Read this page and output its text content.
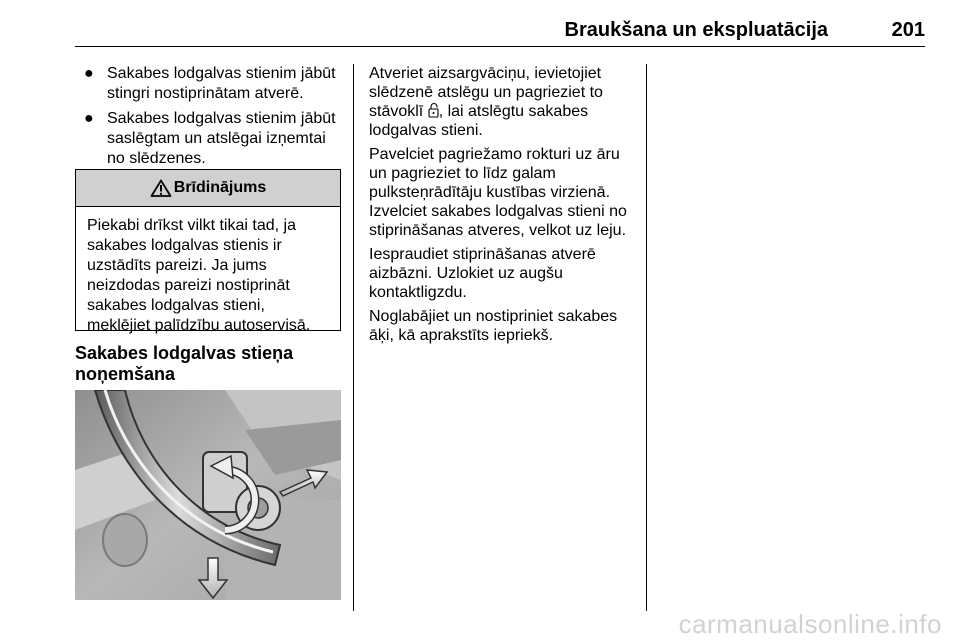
Braukšana un ekspluatācija	201
● Sakabes lodgalvas stienim jābūt stingri nostiprinātam atverē.
● Sakabes lodgalvas stienim jābūt saslēgtam un atslēgai izņemtai no slēdzenes.
Brīdinājums
Piekabi drīkst vilkt tikai tad, ja sakabes lodgalvas stienis ir uzstādīts pareizi. Ja jums neizdodas pareizi nostiprināt sakabes lodgalvas stieni, meklējiet palīdzību autoservisā.
Sakabes lodgalvas stieņa noņemšana

Atveriet aizsargvāciņu, ievietojiet slēdzenē atslēgu un pagrieziet to stāvoklī , lai atslēgtu sakabes lodgalvas stieni.

Pavelciet pagriežamo rokturi uz āru un pagrieziet to līdz galam pulksteņrādītāju kustības virzienā. Izvelciet sakabes lodgalvas stieni no stiprināšanas atveres, velkot uz leju.

Iespraudiet stiprināšanas atverē aizbāzni. Uzlokiet uz augšu kontaktligzdu.

Noglabājiet un nostipriniet sakabes āķi, kā aprakstīts iepriekš.

carmanualsonline.info
